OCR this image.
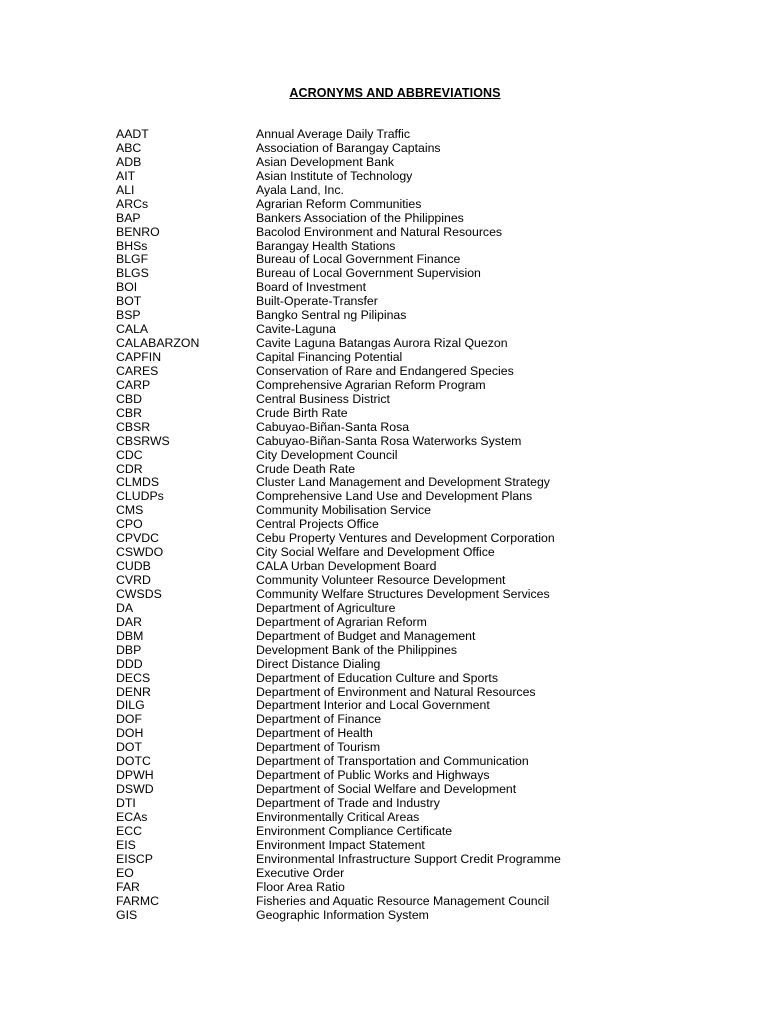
ACRONYMS AND ABBREVIATIONS
AADT	Annual Average Daily Traffic
ABC	Association of Barangay Captains
ADB	Asian Development Bank
AIT	Asian Institute of Technology
ALI	Ayala Land, Inc.
ARCs	Agrarian Reform Communities
BAP	Bankers Association of the Philippines
BENRO	Bacolod Environment and Natural Resources
BHSs	Barangay Health Stations
BLGF	Bureau of Local Government Finance
BLGS	Bureau of Local Government Supervision
BOI	Board of Investment
BOT	Built-Operate-Transfer
BSP	Bangko Sentral ng Pilipinas
CALA	Cavite-Laguna
CALABARZON	Cavite Laguna Batangas Aurora Rizal Quezon
CAPFIN	Capital Financing Potential
CARES	Conservation of Rare and Endangered Species
CARP	Comprehensive Agrarian Reform Program
CBD	Central Business District
CBR	Crude Birth Rate
CBSR	Cabuyao-Biñan-Santa Rosa
CBSRWS	Cabuyao-Biñan-Santa Rosa Waterworks System
CDC	City Development Council
CDR	Crude Death Rate
CLMDS	Cluster Land Management and Development Strategy
CLUDPs	Comprehensive Land Use and Development Plans
CMS	Community Mobilisation Service
CPO	Central Projects Office
CPVDC	Cebu Property Ventures and Development Corporation
CSWDO	City Social Welfare and Development Office
CUDB	CALA Urban Development Board
CVRD	Community Volunteer Resource Development
CWSDS	Community Welfare Structures Development Services
DA	Department of Agriculture
DAR	Department of Agrarian Reform
DBM	Department of Budget and Management
DBP	Development Bank of the Philippines
DDD	Direct Distance Dialing
DECS	Department of Education Culture and Sports
DENR	Department of Environment and Natural Resources
DILG	Department Interior and Local Government
DOF	Department of Finance
DOH	Department of Health
DOT	Department of Tourism
DOTC	Department of Transportation and Communication
DPWH	Department of Public Works and Highways
DSWD	Department of Social Welfare and Development
DTI	Department of Trade and Industry
ECAs	Environmentally Critical Areas
ECC	Environment Compliance Certificate
EIS	Environment Impact Statement
EISCP	Environmental Infrastructure Support Credit Programme
EO	Executive Order
FAR	Floor Area Ratio
FARMC	Fisheries and Aquatic Resource Management Council
GIS	Geographic Information System
